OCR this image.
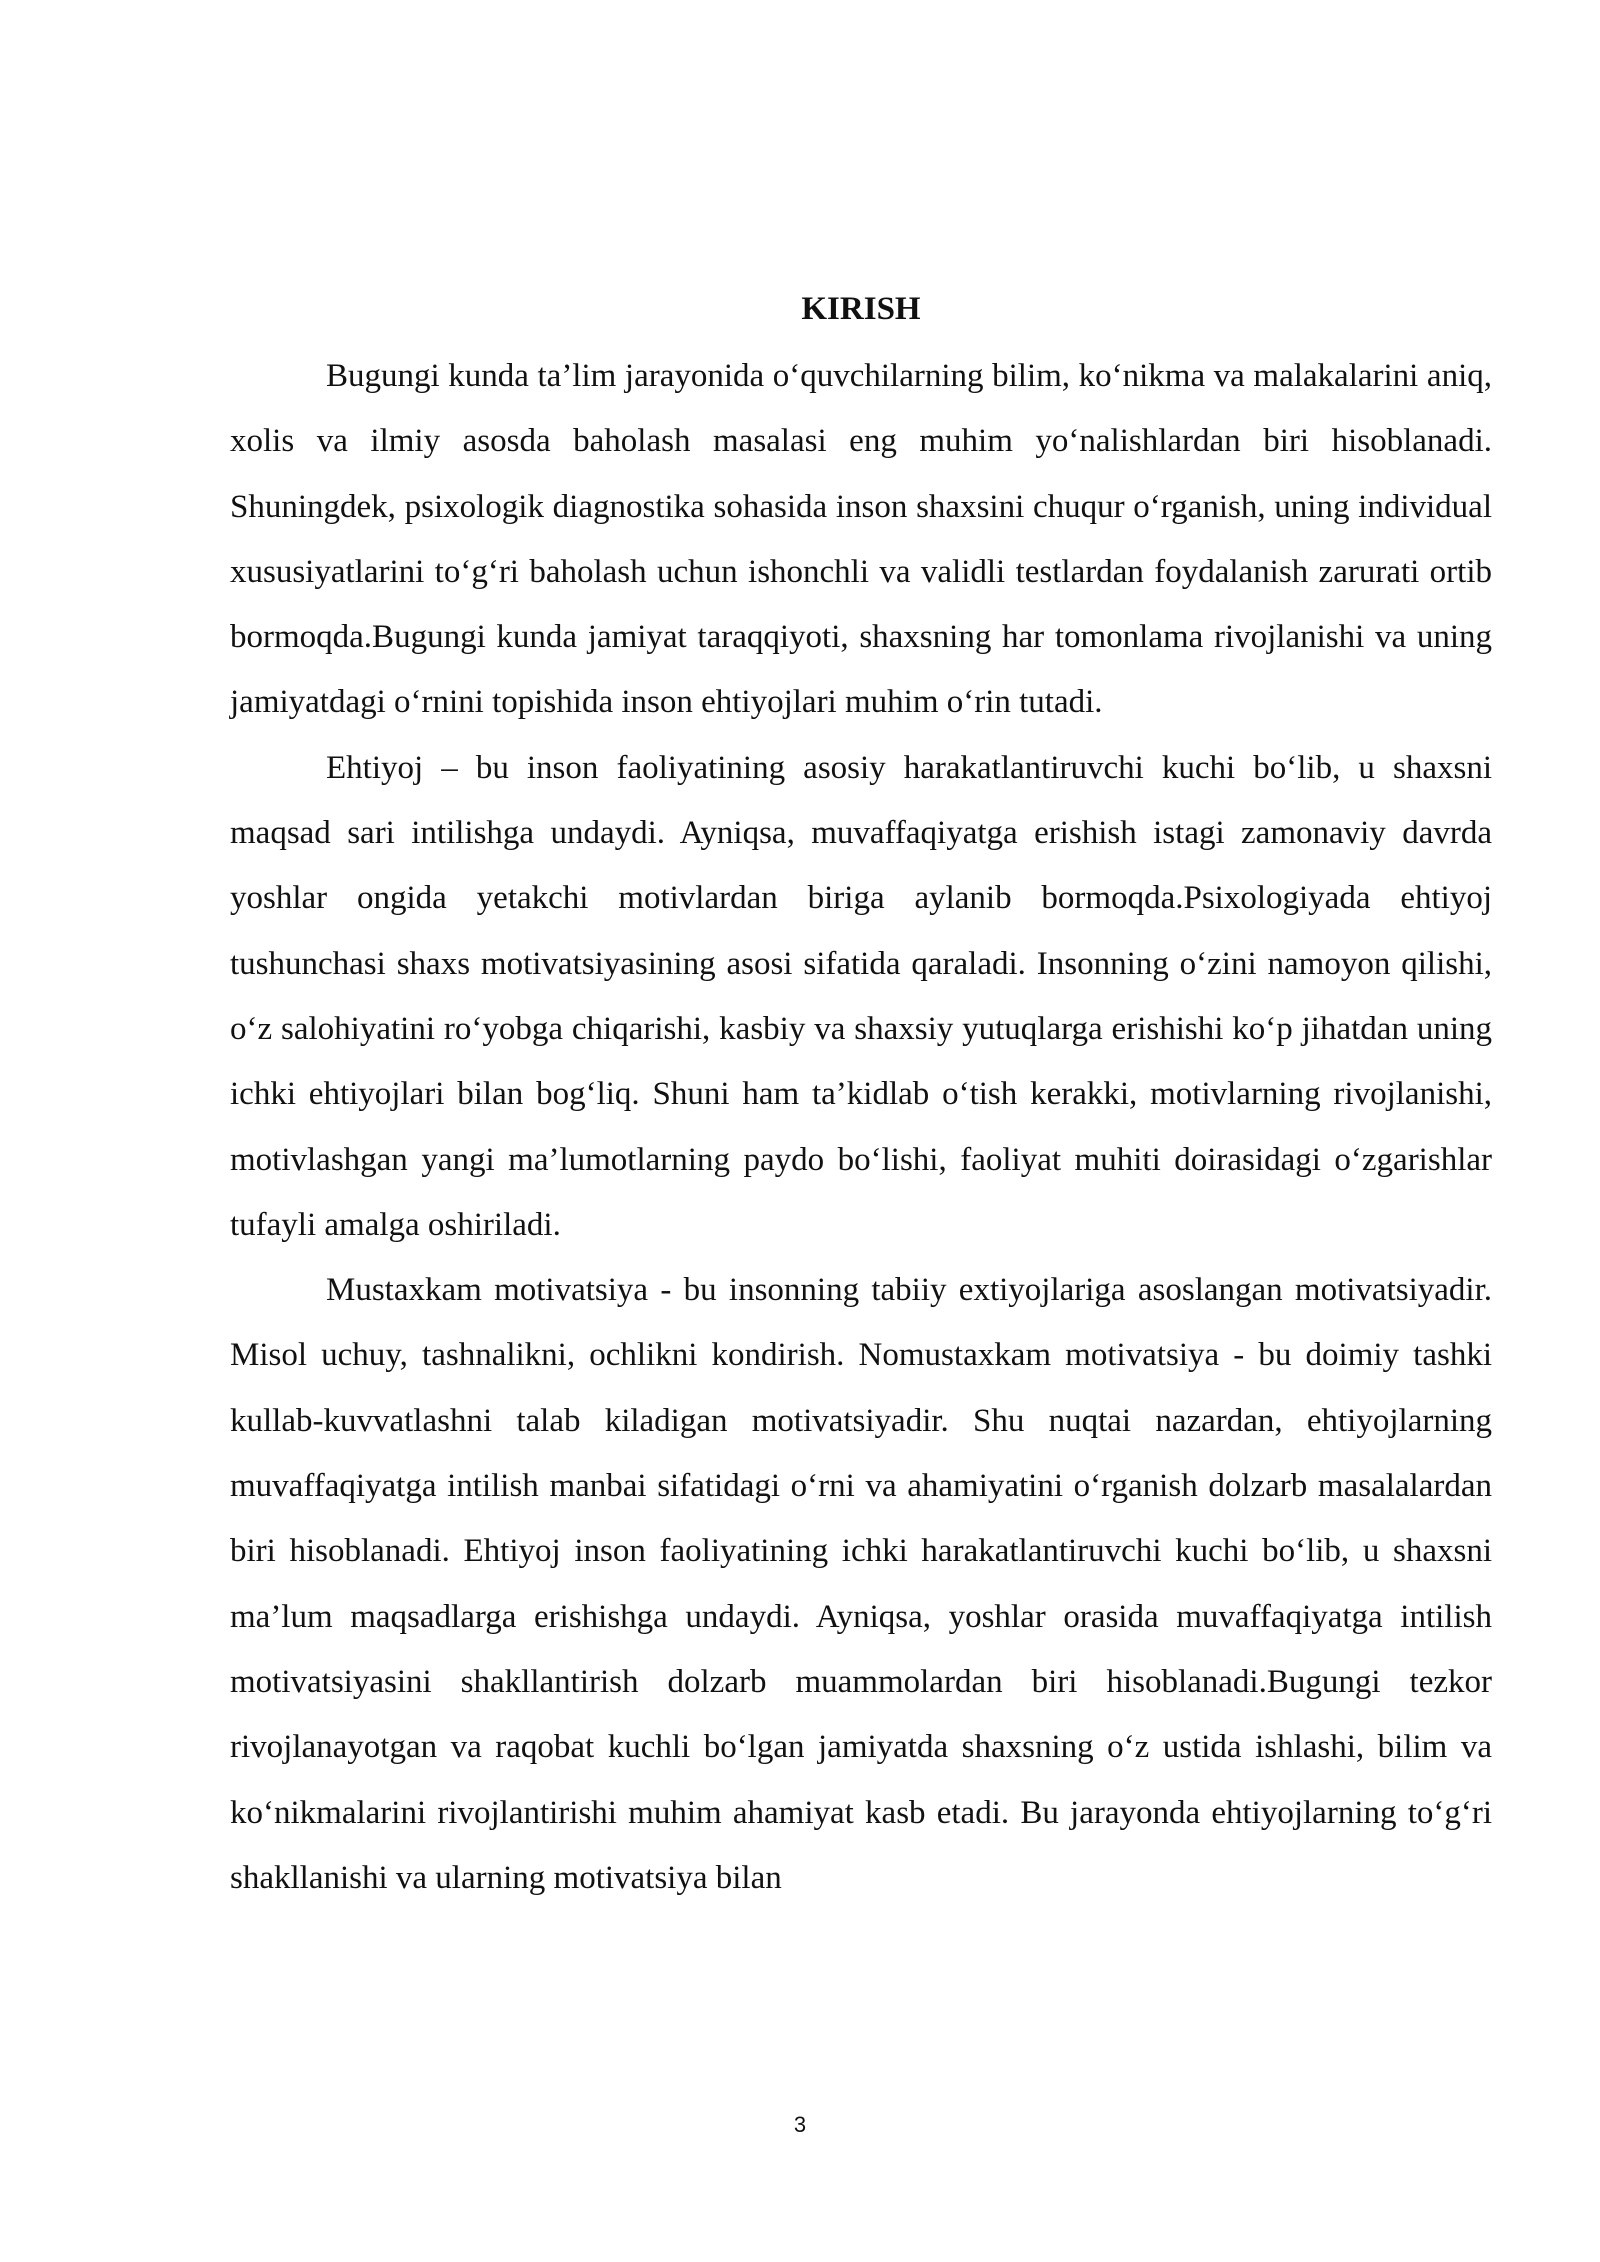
KIRISH

Bugungi kunda ta’lim jarayonida o‘quvchilarning bilim, ko‘nikma va malakalarini aniq, xolis va ilmiy asosda baholash masalasi eng muhim yo‘nalishlardan biri hisoblanadi. Shuningdek, psixologik diagnostika sohasida inson shaxsini chuqur o‘rganish, uning individual xususiyatlarini to‘g‘ri baholash uchun ishonchli va validli testlardan foydalanish zarurati ortib bormoqda.Bugungi kunda jamiyat taraqqiyoti, shaxsning har tomonlama rivojlanishi va uning jamiyatdagi o‘rnini topishida inson ehtiyojlari muhim o‘rin tutadi.

Ehtiyoj – bu inson faoliyatining asosiy harakatlantiruvchi kuchi bo‘lib, u shaxsni maqsad sari intilishga undaydi. Ayniqsa, muvaffaqiyatga erishish istagi zamonaviy davrda yoshlar ongida yetakchi motivlardan biriga aylanib bormoqda.Psixologiyada ehtiyoj tushunchasi shaxs motivatsiyasining asosi sifatida qaraladi. Insonning o‘zini namoyon qilishi, o‘z salohiyatini ro‘yobga chiqarishi, kasbiy va shaxsiy yutuqlarga erishishi ko‘p jihatdan uning ichki ehtiyojlari bilan bog‘liq. Shuni ham ta’kidlab o‘tish kerakki, motivlarning rivojlanishi, motivlashgan yangi ma’lumotlarning paydo bo‘lishi, faoliyat muhiti doirasidagi o‘zgarishlar tufayli amalga oshiriladi.

Mustaxkam motivatsiya - bu insonning tabiiy extiyojlariga asoslangan motivatsiyadir. Misol uchuy, tashnalikni, ochlikni kondirish. Nomustaxkam motivatsiya - bu doimiy tashki kullab-kuvvatlashni talab kiladigan motivatsiyadir. Shu nuqtai nazardan, ehtiyojlarning muvaffaqiyatga intilish manbai sifatidagi o‘rni va ahamiyatini o‘rganish dolzarb masalalardan biri hisoblanadi. Ehtiyoj inson faoliyatining ichki harakatlantiruvchi kuchi bo‘lib, u shaxsni ma’lum maqsadlarga erishishga undaydi. Ayniqsa, yoshlar orasida muvaffaqiyatga intilish motivatsiyasini shakllantirish dolzarb muammolardan biri hisoblanadi.Bugungi tezkor rivojlanayotgan va raqobat kuchli bo‘lgan jamiyatda shaxsning o‘z ustida ishlashi, bilim va ko‘nikmalarini rivojlantirishi muhim ahamiyat kasb etadi. Bu jarayonda ehtiyojlarning to‘g‘ri shakllanishi va ularning motivatsiya bilan

3
